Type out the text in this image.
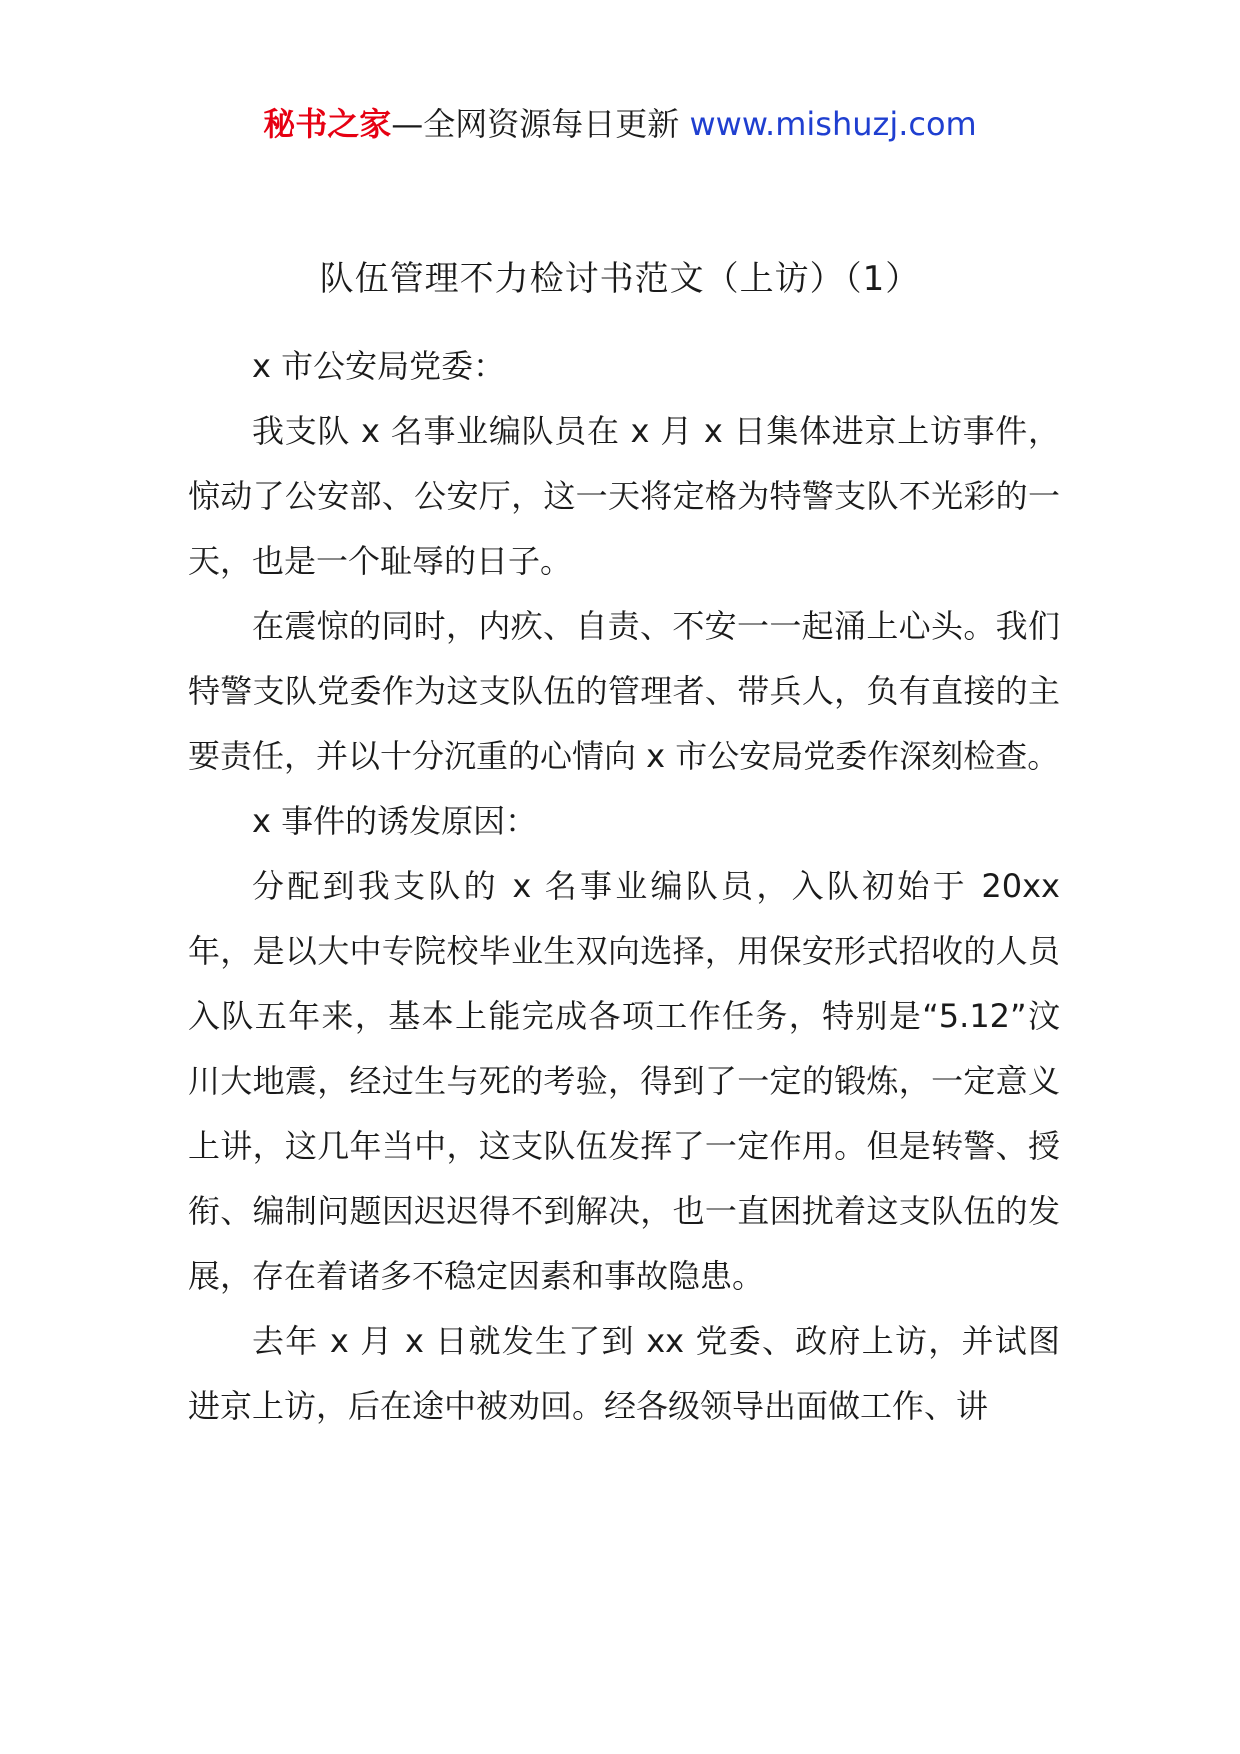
秘书之家—全网资源每日更新 www.mishuzj.com
队伍管理不力检讨书范文（上访）（1）

x 市公安局党委：

我支队 x 名事业编队员在 x 月 x 日集体进京上访事件，惊动了公安部、公安厅，这一天将定格为特警支队不光彩的一天，也是一个耻辱的日子。

在震惊的同时，内疚、自责、不安一一起涌上心头。我们特警支队党委作为这支队伍的管理者、带兵人，负有直接的主要责任，并以十分沉重的心情向 x 市公安局党委作深刻检查。

x 事件的诱发原因：

分配到我支队的 x 名事业编队员，入队初始于 20xx 年，是以大中专院校毕业生双向选择，用保安形式招收的人员入队五年来，基本上能完成各项工作任务，特别是“5.12”汶川大地震，经过生与死的考验，得到了一定的锻炼，一定意义上讲，这几年当中，这支队伍发挥了一定作用。但是转警、授衔、编制问题因迟迟得不到解决，也一直困扰着这支队伍的发展，存在着诸多不稳定因素和事故隐患。

去年 x 月 x 日就发生了到 xx 党委、政府上访，并试图进京上访，后在途中被劝回。经各级领导出面做工作、讲
